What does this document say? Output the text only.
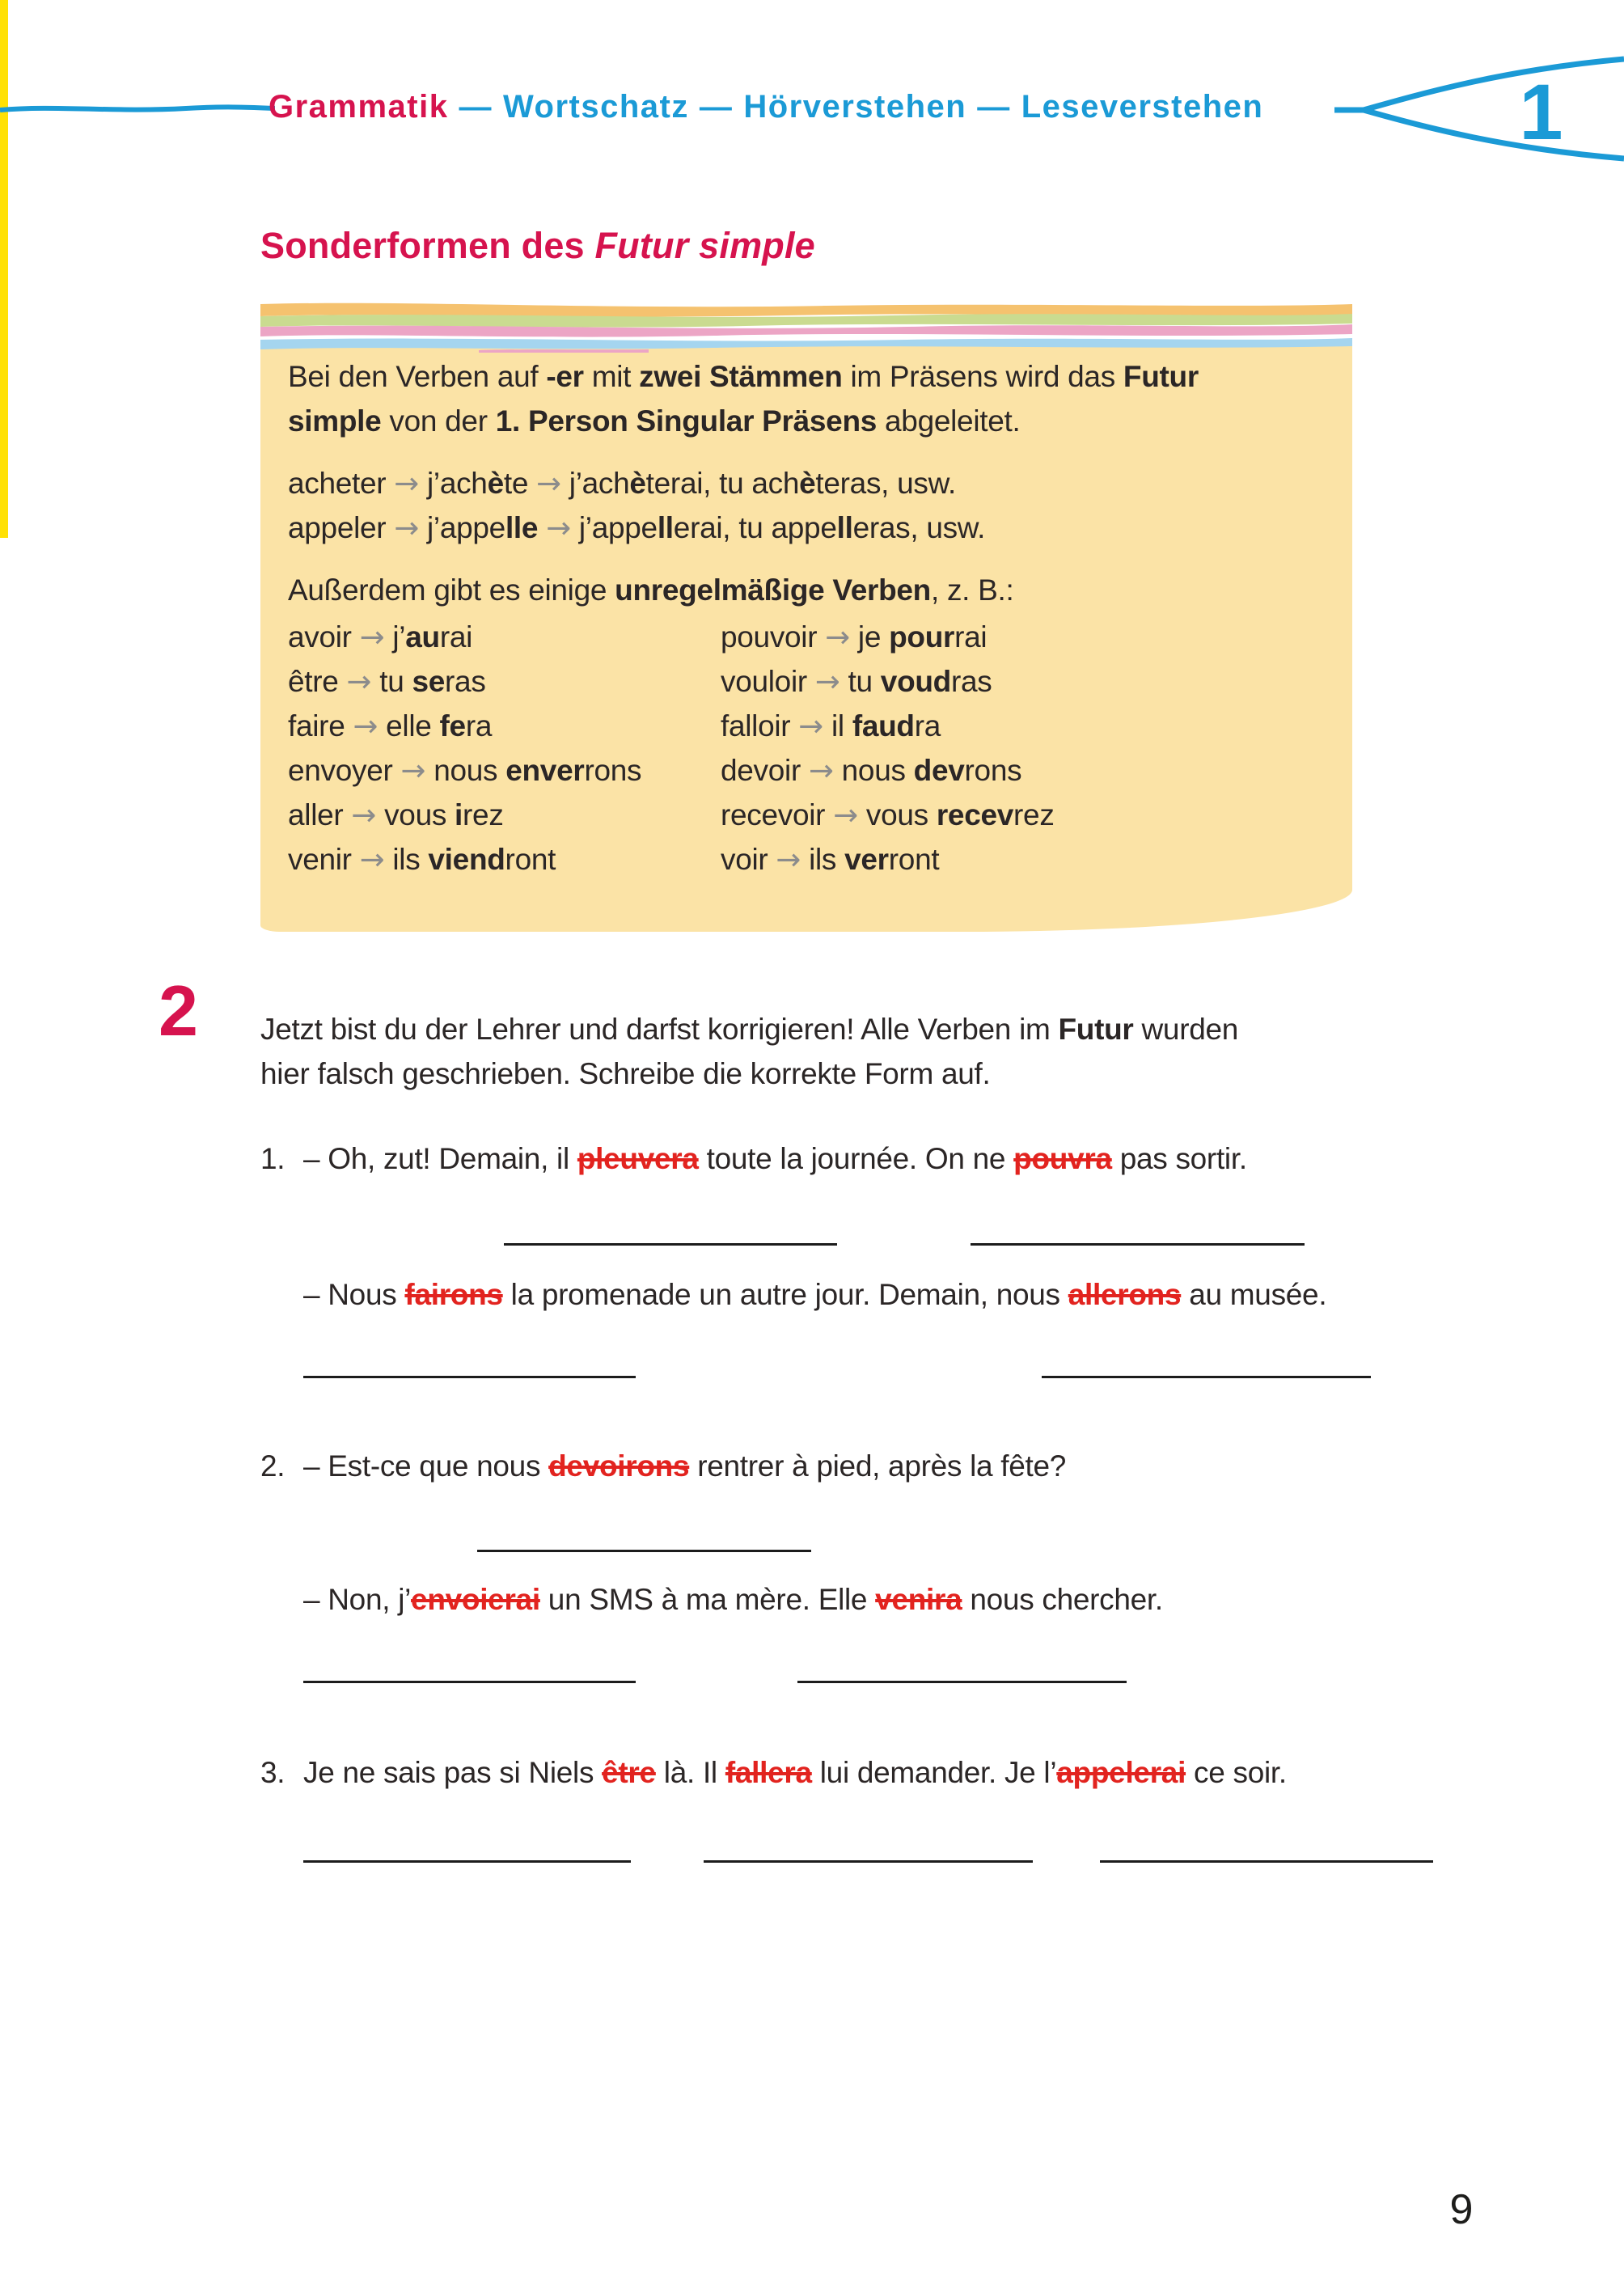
Grammatik — Wortschatz — Hörverstehen — Leseverstehen	1
Sonderformen des Futur simple
Bei den Verben auf -er mit zwei Stämmen im Präsens wird das Futur
simple von der 1. Person Singular Präsens abgeleitet.
acheter → j’achète → j’achèterai, tu achèteras, usw.
appeler → j’appelle → j’appellerai, tu appelleras, usw.
Außerdem gibt es einige unregelmäßige Verben, z. B.:
avoir → j’aurai	pouvoir → je pourrai
être → tu seras	vouloir → tu voudras
faire → elle fera	falloir → il faudra
envoyer → nous enverrons	devoir → nous devrons
aller → vous irez	recevoir → vous recevrez
venir → ils viendront	voir → ils verront
2 Jetzt bist du der Lehrer und darfst korrigieren! Alle Verben im Futur wurden
hier falsch geschrieben. Schreibe die korrekte Form auf.
1. – Oh, zut! Demain, il pleuvera toute la journée. On ne pouvra pas sortir.
– Nous fairons la promenade un autre jour. Demain, nous allerons au musée.
2. – Est-ce que nous devoirons rentrer à pied, après la fête?
– Non, j’envoierai un SMS à ma mère. Elle venira nous chercher.
3. Je ne sais pas si Niels être là. Il fallera lui demander. Je l’appelerai ce soir.
9
